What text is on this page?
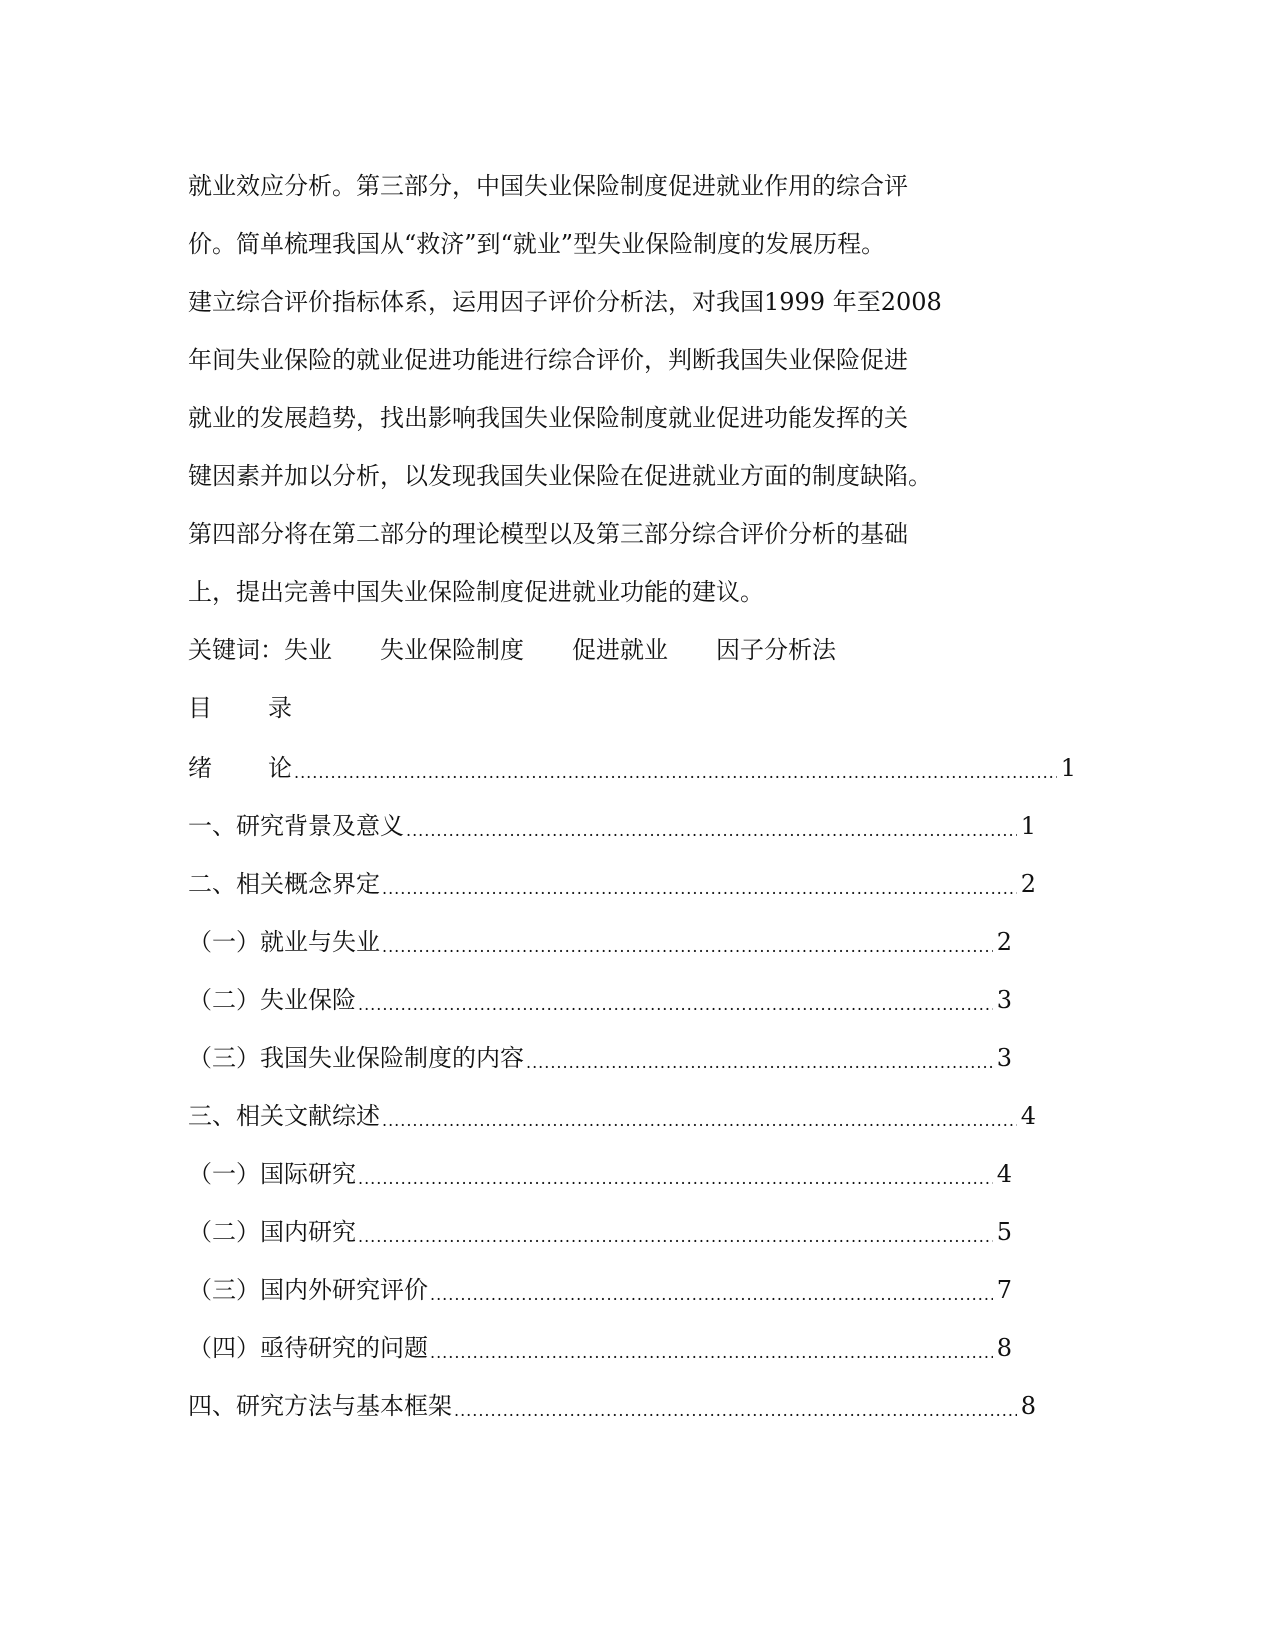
就业效应分析。第三部分，中国失业保险制度促进就业作用的综合评
价。简单梳理我国从“救济”到“就业”型失业保险制度的发展历程。
建立综合评价指标体系，运用因子评价分析法，对我国1999 年至2008
年间失业保险的就业促进功能进行综合评价，判断我国失业保险促进
就业的发展趋势，找出影响我国失业保险制度就业促进功能发挥的关
键因素并加以分析，以发现我国失业保险在促进就业方面的制度缺陷。
第四部分将在第二部分的理论模型以及第三部分综合评价分析的基础
上，提出完善中国失业保险制度促进就业功能的建议。
关键词：失业 失业保险制度 促进就业 因子分析法
目 录
绪 论 .....	1
一、研究背景及意义 .....	1
二、相关概念界定 .....	2
（一）就业与失业 .....	2
（二）失业保险 .....	3
（三）我国失业保险制度的内容 .....	3
三、相关文献综述 .....	4
（一）国际研究 .....	4
（二）国内研究 .....	5
（三）国内外研究评价 .....	7
（四）亟待研究的问题 .....	8
四、研究方法与基本框架 .....	8
